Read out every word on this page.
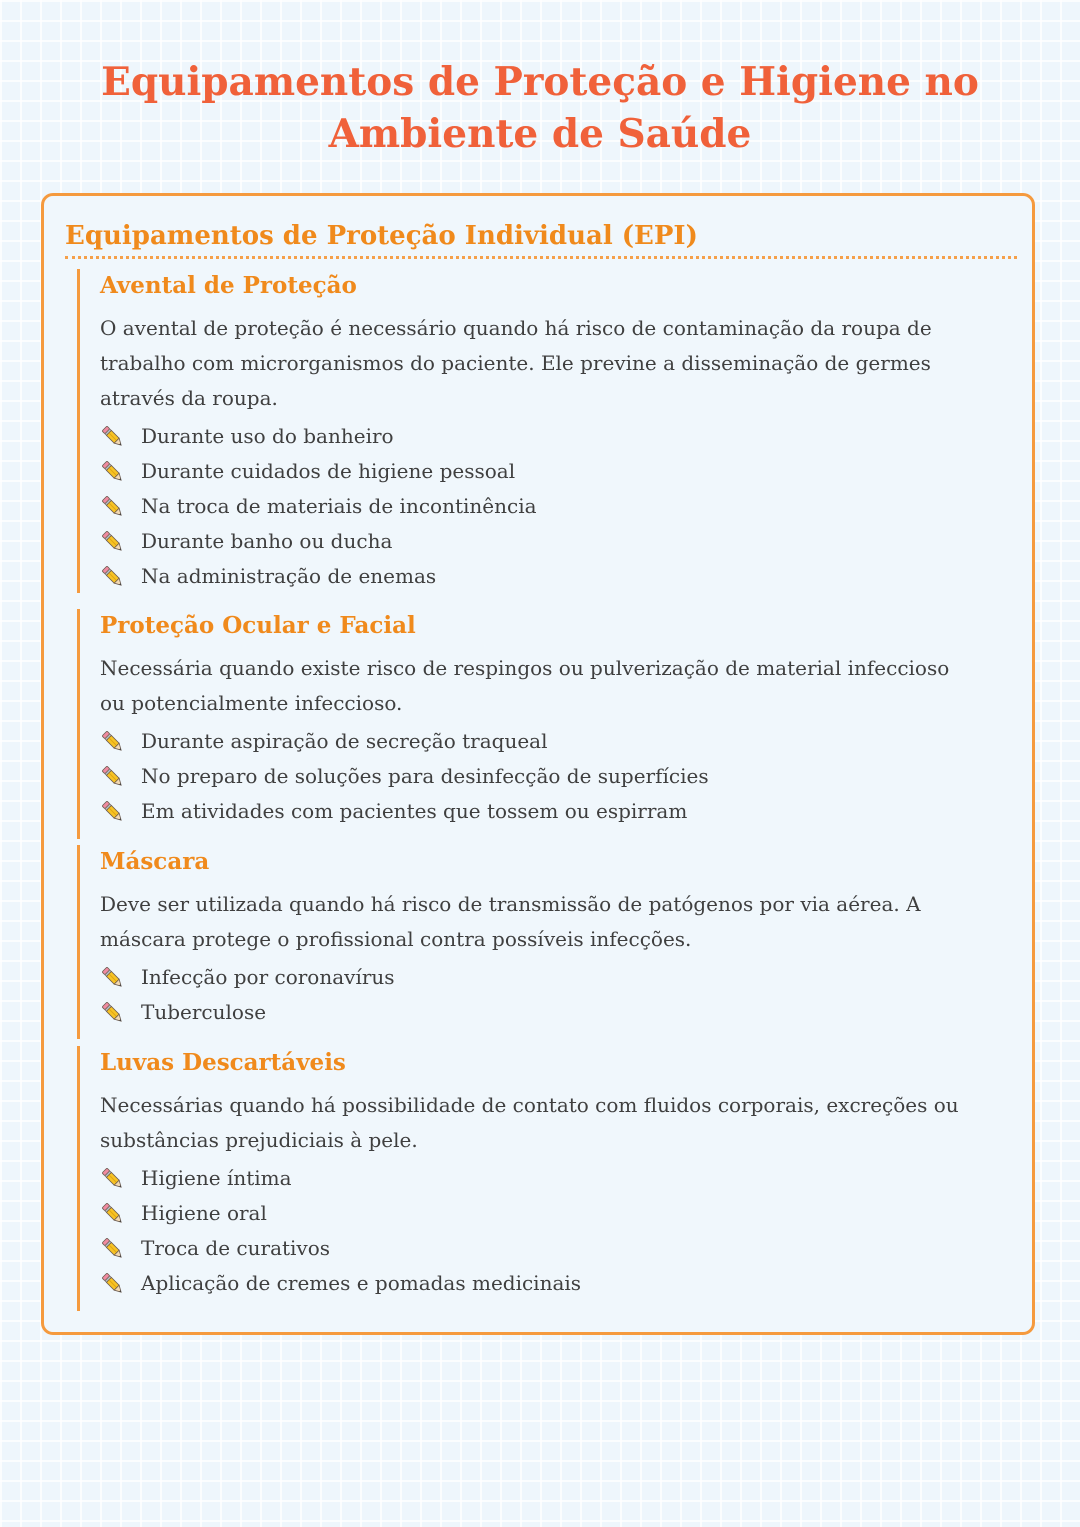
Equipamentos de Proteção e Higiene no
Ambiente de Saúde
Equipamentos de Proteção Individual (EPI)
Avental de Proteção

O avental de proteção é necessário quando há risco de contaminação da roupa de trabalho com microrganismos do paciente. Ele previne a disseminação de germes através da roupa.

Durante uso do banheiro
Durante cuidados de higiene pessoal
Na troca de materiais de incontinência
Durante banho ou ducha
Na administração de enemas
Proteção Ocular e Facial

Necessária quando existe risco de respingos ou pulverização de material infeccioso ou potencialmente infeccioso.

Durante aspiração de secreção traqueal
No preparo de soluções para desinfecção de superfícies
Em atividades com pacientes que tossem ou espirram
Máscara

Deve ser utilizada quando há risco de transmissão de patógenos por via aérea. A máscara protege o profissional contra possíveis infecções.

Infecção por coronavírus
Tuberculose
Luvas Descartáveis

Necessárias quando há possibilidade de contato com fluidos corporais, excreções ou substâncias prejudiciais à pele.

Higiene íntima
Higiene oral
Troca de curativos
Aplicação de cremes e pomadas medicinais
